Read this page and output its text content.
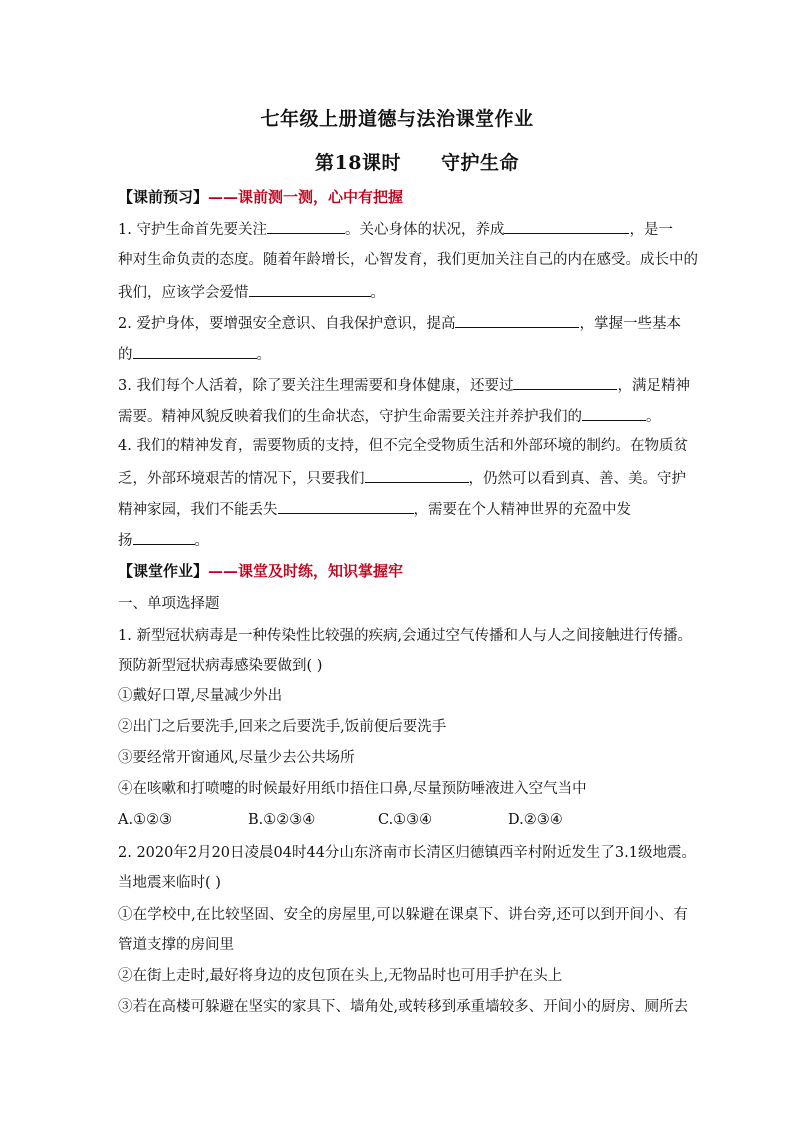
七年级上册道德与法治课堂作业
第18课时 守护生命
【课前预习】——课前测一测，心中有把握
1. 守护生命首先要关注	。关心身体的状况，养成	，是一
种对生命负责的态度。随着年龄增长，心智发育，我们更加关注自己的内在感受。成长中的
我们，应该学会爱惜	。
2. 爱护身体，要增强安全意识、自我保护意识，提高	，掌握一些基本
的	。
3. 我们每个人活着，除了要关注生理需要和身体健康，还要过	，满足精神
需要。精神风貌反映着我们的生命状态，守护生命需要关注并养护我们的	。
4. 我们的精神发育，需要物质的支持，但不完全受物质生活和外部环境的制约。在物质贫
乏，外部环境艰苦的情况下，只要我们	，仍然可以看到真、善、美。守护
精神家园，我们不能丢失	，需要在个人精神世界的充盈中发
扬	。
【课堂作业】——课堂及时练，知识掌握牢
一、单项选择题
1. 新型冠状病毒是一种传染性比较强的疾病,会通过空气传播和人与人之间接触进行传播。
预防新型冠状病毒感染要做到( )
①戴好口罩,尽量减少外出
②出门之后要洗手,回来之后要洗手,饭前便后要洗手
③要经常开窗通风,尽量少去公共场所
④在咳嗽和打喷嚏的时候最好用纸巾捂住口鼻,尽量预防唾液进入空气当中
A.①②③	B.①②③④	C.①③④	D.②③④
2. 2020年2月20日凌晨04时44分山东济南市长清区归德镇西辛村附近发生了3.1级地震。
当地震来临时( )
①在学校中,在比较坚固、安全的房屋里,可以躲避在课桌下、讲台旁,还可以到开间小、有
管道支撑的房间里
②在街上走时,最好将身边的皮包顶在头上,无物品时也可用手护在头上
③若在高楼可躲避在坚实的家具下、墙角处,或转移到承重墙较多、开间小的厨房、厕所去
